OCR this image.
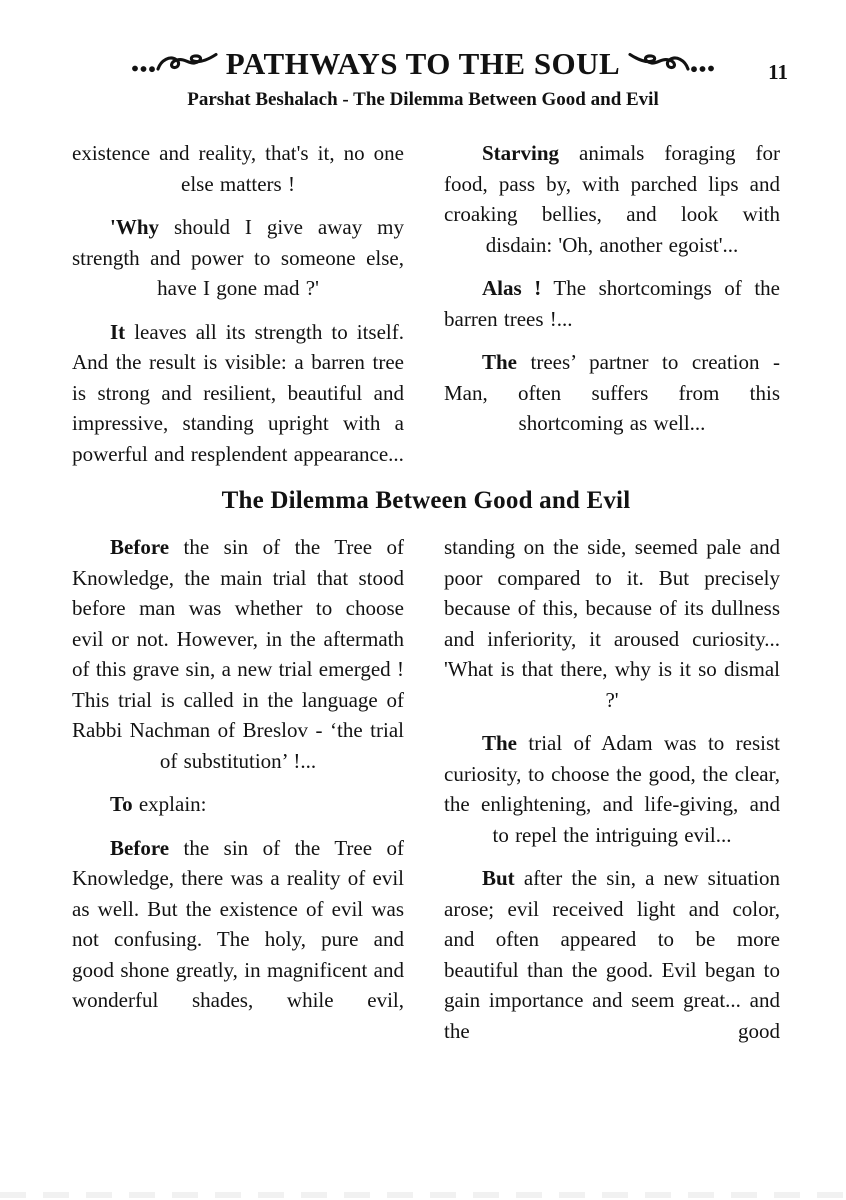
PATHWAYS TO THE SOUL	11
Parshat Beshalach - The Dilemma Between Good and Evil

existence and reality, that's it, no one else matters !

'Why should I give away my strength and power to someone else, have I gone mad ?'

It leaves all its strength to itself. And the result is visible: a barren tree is strong and resilient, beautiful and impressive, standing upright with a powerful and resplendent appearance...

Starving animals foraging for food, pass by, with parched lips and croaking bellies, and look with disdain: 'Oh, another egoist'...

Alas ! The shortcomings of the barren trees !...

The trees’ partner to creation - Man, often suffers from this shortcoming as well...

The Dilemma Between Good and Evil

Before the sin of the Tree of Knowledge, the main trial that stood before man was whether to choose evil or not. However, in the aftermath of this grave sin, a new trial emerged ! This trial is called in the language of Rabbi Nachman of Breslov - ‘the trial of substitution’ !...

To explain:

Before the sin of the Tree of Knowledge, there was a reality of evil as well. But the existence of evil was not confusing. The holy, pure and good shone greatly, in magnificent and wonderful shades, while evil,

standing on the side, seemed pale and poor compared to it. But precisely because of this, because of its dullness and inferiority, it aroused curiosity... 'What is that there, why is it so dismal ?'

The trial of Adam was to resist curiosity, to choose the good, the clear, the enlightening, and life-giving, and to repel the intriguing evil...

But after the sin, a new situation arose; evil received light and color, and often appeared to be more beautiful than the good. Evil began to gain importance and seem great... and the good
